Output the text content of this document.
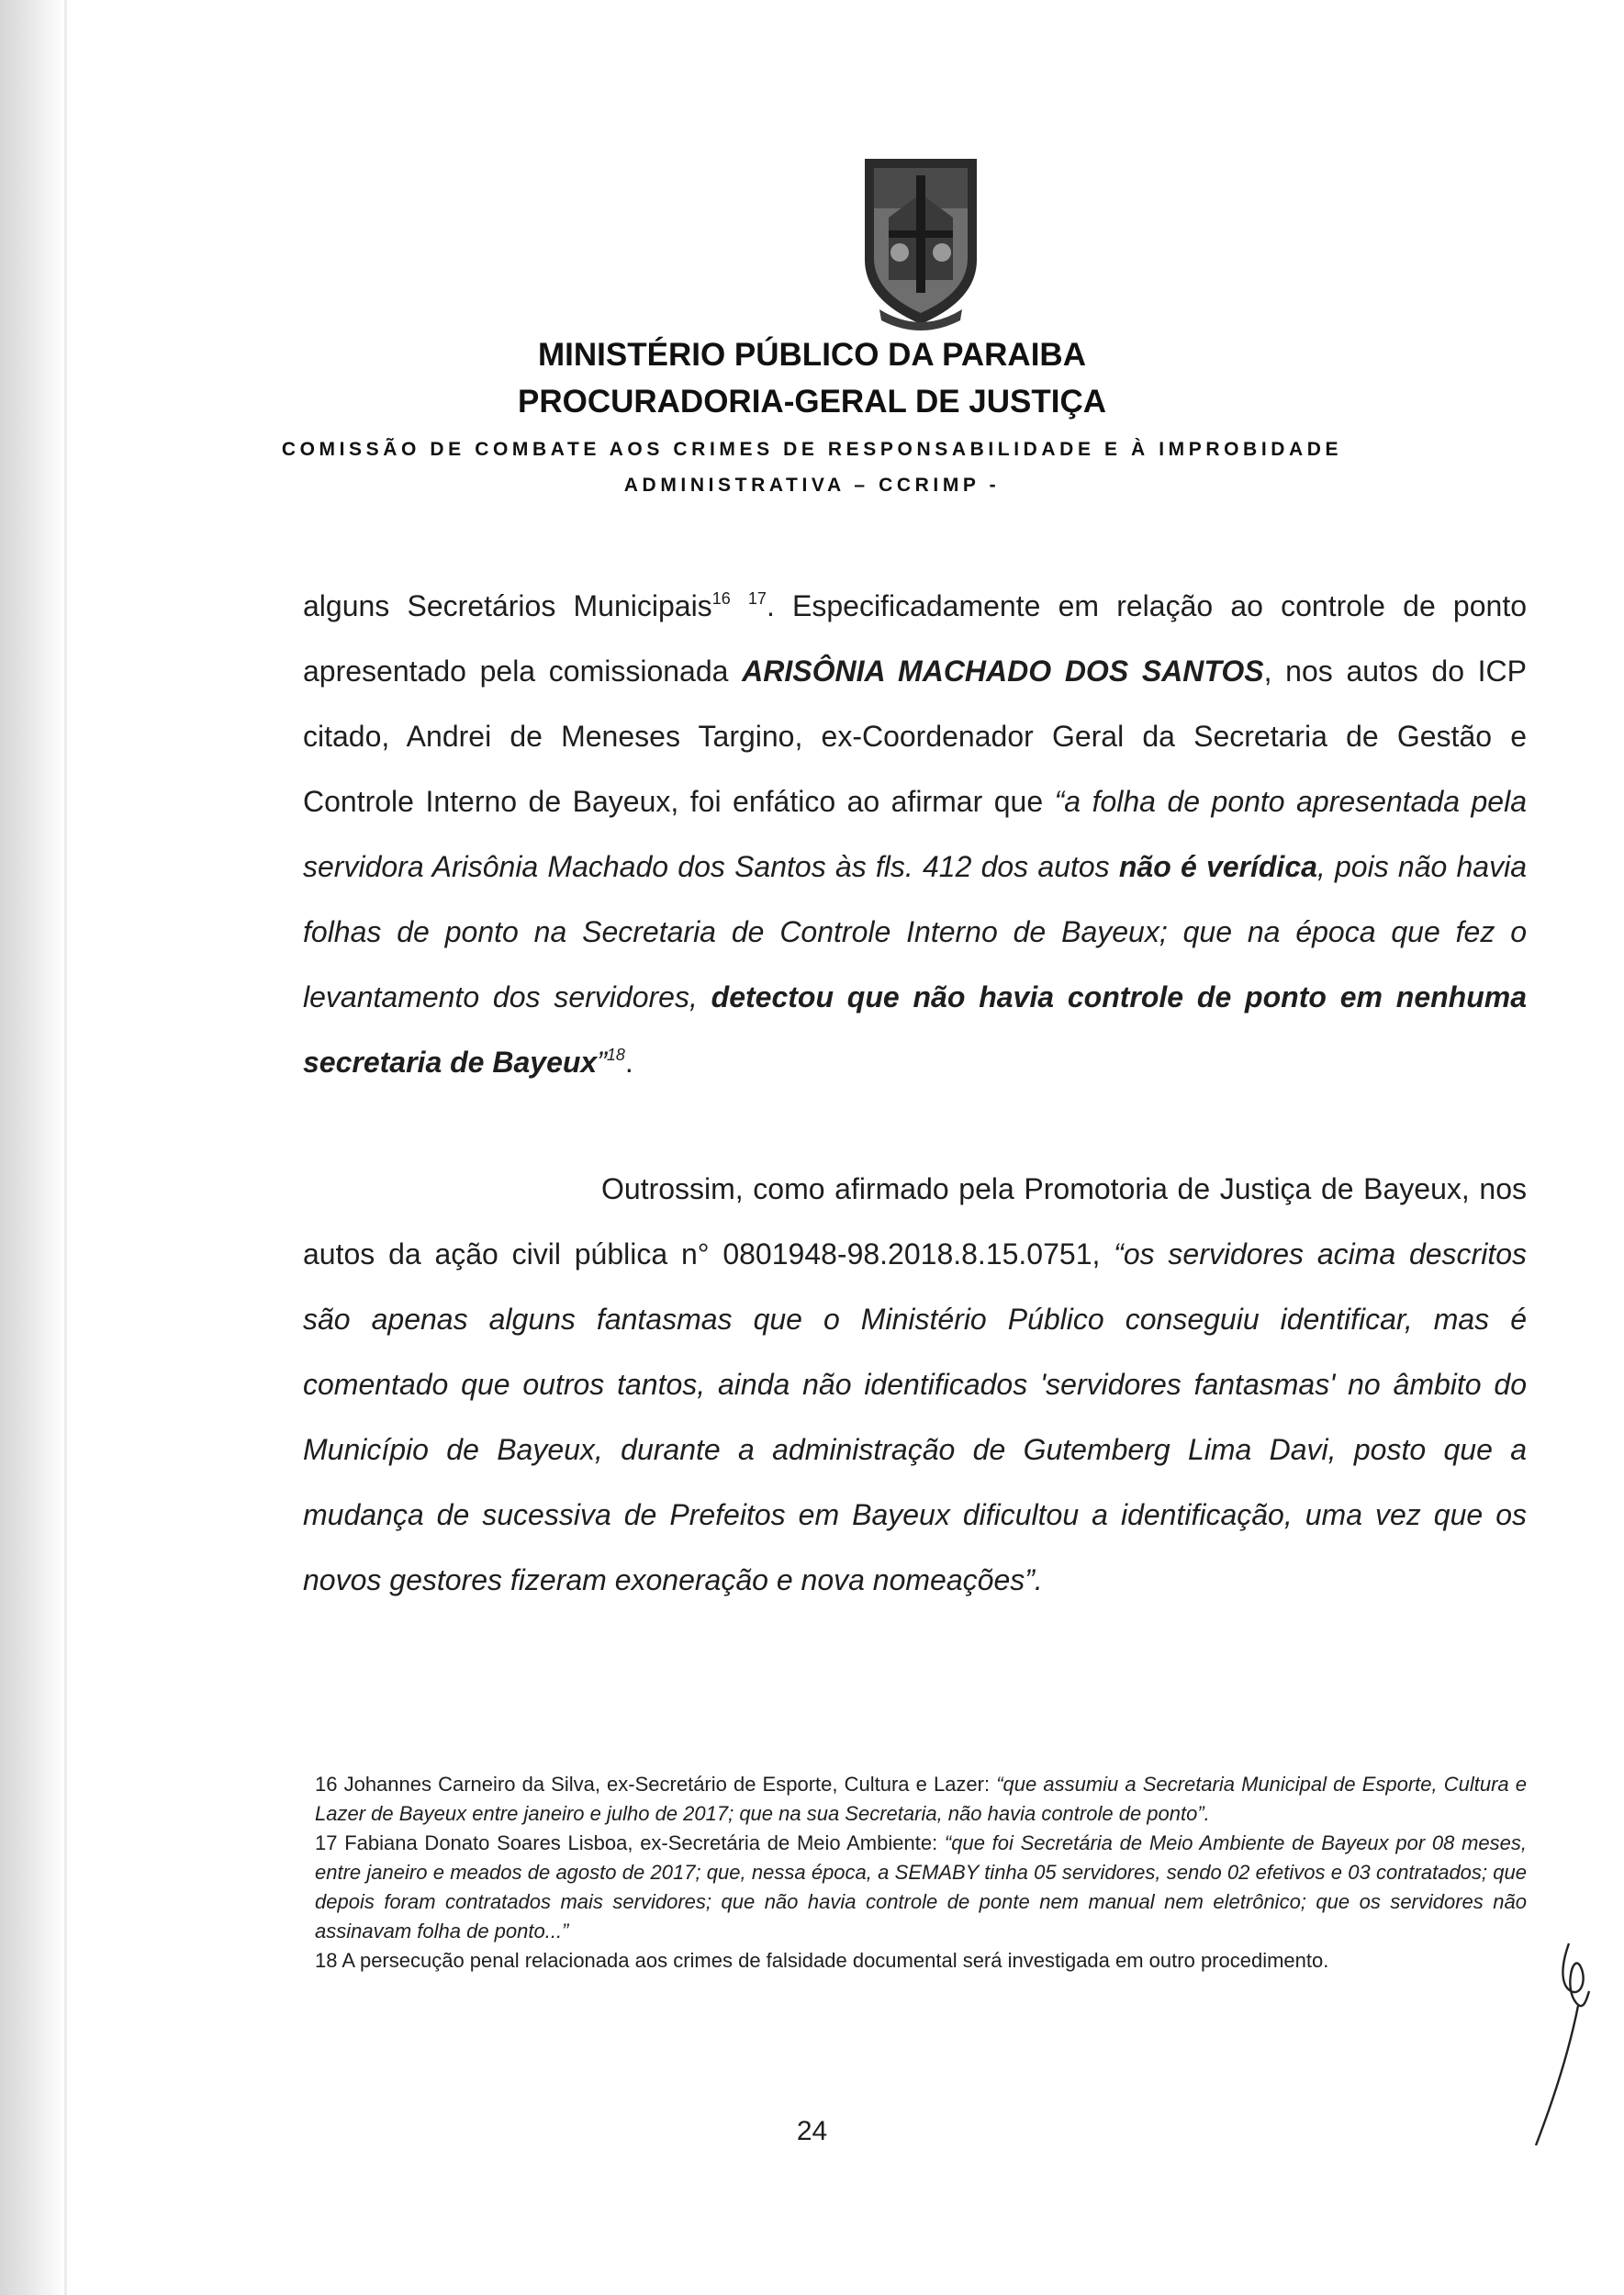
MINISTÉRIO PÚBLICO DA PARAIBA
PROCURADORIA-GERAL DE JUSTIÇA
COMISSÃO DE COMBATE AOS CRIMES DE RESPONSABILIDADE E À IMPROBIDADE
ADMINISTRATIVA – CCRIMP -

alguns Secretários Municipais$^{16}$ $^{17}$. Especificadamente em relação ao controle de ponto apresentado pela comissionada ARISÔNIA MACHADO DOS SANTOS, nos autos do ICP citado, Andrei de Meneses Targino, ex-Coordenador Geral da Secretaria de Gestão e Controle Interno de Bayeux, foi enfático ao afirmar que “a folha de ponto apresentada pela servidora Arisônia Machado dos Santos às fls. 412 dos autos não é verídica, pois não havia folhas de ponto na Secretaria de Controle Interno de Bayeux; que na época que fez o levantamento dos servidores, detectou que não havia controle de ponto em nenhuma secretaria de Bayeux”$^{18}$.

Outrossim, como afirmado pela Promotoria de Justiça de Bayeux, nos autos da ação civil pública n° 0801948-98.2018.8.15.0751, “os servidores acima descritos são apenas alguns fantasmas que o Ministério Público conseguiu identificar, mas é comentado que outros tantos, ainda não identificados 'servidores fantasmas' no âmbito do Município de Bayeux, durante a administração de Gutemberg Lima Davi, posto que a mudança de sucessiva de Prefeitos em Bayeux dificultou a identificação, uma vez que os novos gestores fizeram exoneração e nova nomeações”.

16 Johannes Carneiro da Silva, ex-Secretário de Esporte, Cultura e Lazer: “que assumiu a Secretaria Municipal de Esporte, Cultura e Lazer de Bayeux entre janeiro e julho de 2017; que na sua Secretaria, não havia controle de ponto”.

17 Fabiana Donato Soares Lisboa, ex-Secretária de Meio Ambiente: “que foi Secretária de Meio Ambiente de Bayeux por 08 meses, entre janeiro e meados de agosto de 2017; que, nessa época, a SEMABY tinha 05 servidores, sendo 02 efetivos e 03 contratados; que depois foram contratados mais servidores; que não havia controle de ponte nem manual nem eletrônico; que os servidores não assinavam folha de ponto...”

18 A persecução penal relacionada aos crimes de falsidade documental será investigada em outro procedimento.

24
